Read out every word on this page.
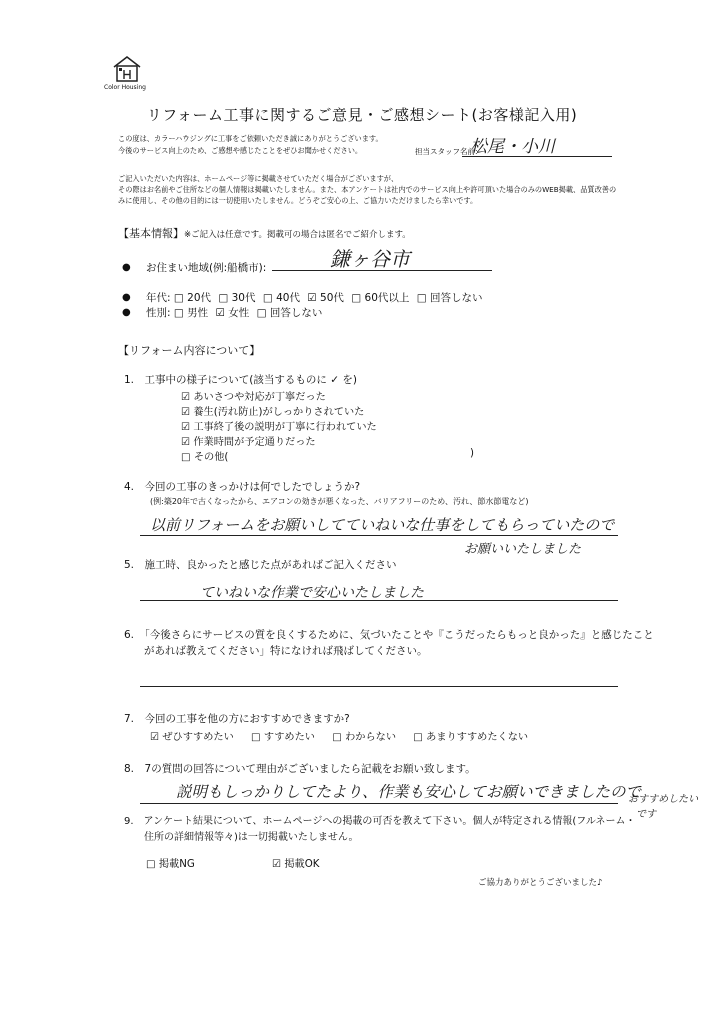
Color Housing
リフォーム工事に関するご意見・ご感想シート(お客様記入用)
この度は、カラーハウジングに工事をご依頼いただき誠にありがとうございます。
今後のサービス向上のため、ご感想や感じたことをぜひお聞かせください。	担当スタッフ名前:
松尾・小川
ご記入いただいた内容は、ホームページ等に掲載させていただく場合がございますが、
その際はお名前やご住所などの個人情報は掲載いたしません。また、本アンケートは社内でのサービス向上や許可頂いた場合のみのWEB掲載、品質改善の
みに使用し、その他の目的には一切使用いたしません。どうぞご安心の上、ご協力いただけましたら幸いです。
【基本情報】※ご記入は任意です。掲載可の場合は匿名でご紹介します。
● お住まい地域(例:船橋市):	鎌ヶ谷市
● 年代: □ 20代 □ 30代 □ 40代 ☑ 50代 □ 60代以上 □ 回答しない
● 性別: □ 男性 ☑ 女性 □ 回答しない
【リフォーム内容について】
1.　工事中の様子について(該当するものに ✓ を)
☑ あいさつや対応が丁寧だった
☑ 養生(汚れ防止)がしっかりされていた
☑ 工事終了後の説明が丁寧に行われていた
☑ 作業時間が予定通りだった
□ その他(	)
4.　今回の工事のきっかけは何でしたでしょうか?
(例:築20年で古くなったから、エアコンの効きが悪くなった、バリアフリーのため、汚れ、節水節電など)
以前リフォームをお願いしてていねいな仕事をしてもらっていたので
お願いいたしました
5.　施工時、良かったと感じた点があればご記入ください
ていねいな作業で安心いたしました
6.　「今後さらにサービスの質を良くするために、気づいたことや『こうだったらもっと良かった』と感じたこと
があれば教えてください」特になければ飛ばしてください。
7.　今回の工事を他の方におすすめできますか?
☑ ぜひすすめたい □ すすめたい □ わからない □ あまりすすめたくない
8.　7の質問の回答について理由がございましたら記載をお願い致します。
説明もしっかりしてたより、作業も安心してお願いできましたので
おすすめしたい
です
9.　アンケート結果について、ホームページへの掲載の可否を教えて下さい。個人が特定される情報(フルネーム・
住所の詳細情報等々)は一切掲載いたしません。
□ 掲載NG	☑ 掲載OK
ご協力ありがとうございました♪
